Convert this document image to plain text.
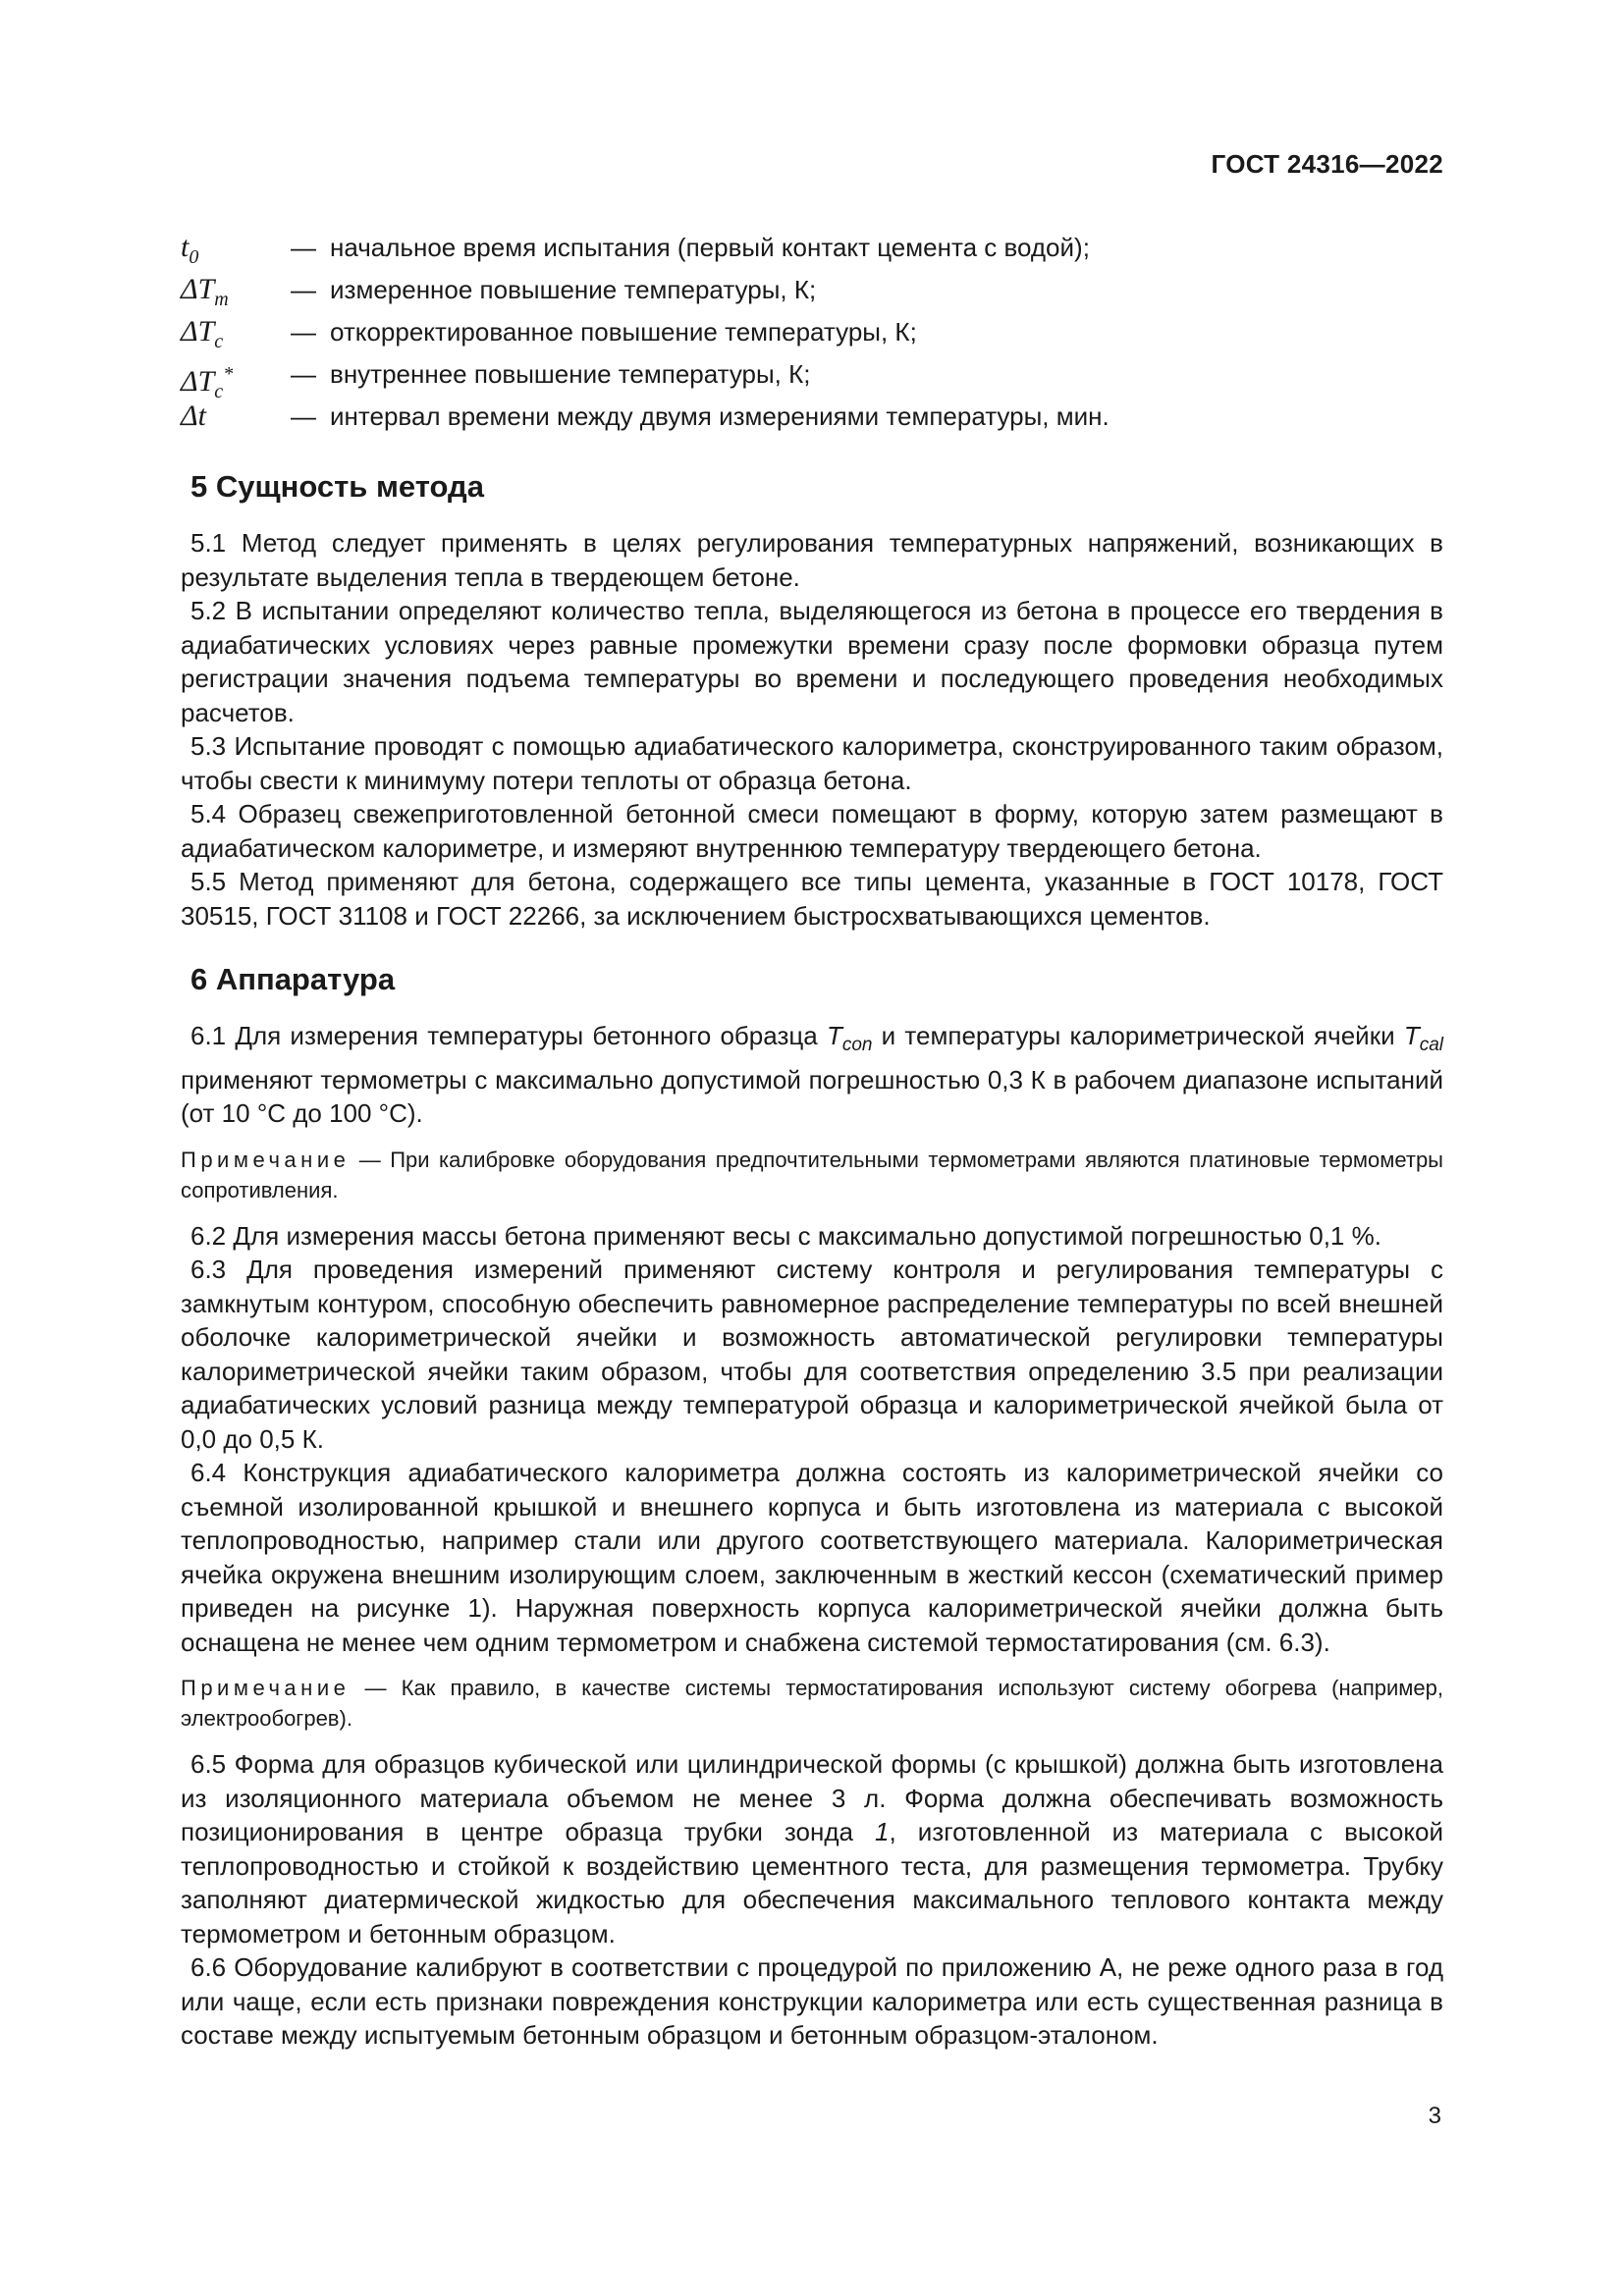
ГОСТ 24316—2022
$t_0$	— начальное время испытания (первый контакт цемента с водой);
$\Delta T_m$	— измеренное повышение температуры, К;
$\Delta T_c$	— откорректированное повышение температуры, К;
$\Delta T_c^*$	— внутреннее повышение температуры, К;
Δt	— интервал времени между двумя измерениями температуры, мин.
5 Сущность метода

5.1 Метод следует применять в целях регулирования температурных напряжений, возникающих в результате выделения тепла в твердеющем бетоне.

5.2 В испытании определяют количество тепла, выделяющегося из бетона в процессе его твердения в адиабатических условиях через равные промежутки времени сразу после формовки образца путем регистрации значения подъема температуры во времени и последующего проведения необходимых расчетов.

5.3 Испытание проводят с помощью адиабатического калориметра, сконструированного таким образом, чтобы свести к минимуму потери теплоты от образца бетона.

5.4 Образец свежеприготовленной бетонной смеси помещают в форму, которую затем размещают в адиабатическом калориметре, и измеряют внутреннюю температуру твердеющего бетона.

5.5 Метод применяют для бетона, содержащего все типы цемента, указанные в ГОСТ 10178, ГОСТ 30515, ГОСТ 31108 и ГОСТ 22266, за исключением быстросхватывающихся цементов.

6 Аппаратура

6.1 Для измерения температуры бетонного образца $T_{con}$ и температуры калориметрической ячейки $T_{cal}$ применяют термометры с максимально допустимой погрешностью 0,3 К в рабочем диапазоне испытаний (от 10 °С до 100 °С).

Примечание — При калибровке оборудования предпочтительными термометрами являются платиновые термометры сопротивления.

6.2 Для измерения массы бетона применяют весы с максимально допустимой погрешностью 0,1 %.

6.3 Для проведения измерений применяют систему контроля и регулирования температуры с замкнутым контуром, способную обеспечить равномерное распределение температуры по всей внешней оболочке калориметрической ячейки и возможность автоматической регулировки температуры калориметрической ячейки таким образом, чтобы для соответствия определению 3.5 при реализации адиабатических условий разница между температурой образца и калориметрической ячейкой была от 0,0 до 0,5 К.

6.4 Конструкция адиабатического калориметра должна состоять из калориметрической ячейки со съемной изолированной крышкой и внешнего корпуса и быть изготовлена из материала с высокой теплопроводностью, например стали или другого соответствующего материала. Калориметрическая ячейка окружена внешним изолирующим слоем, заключенным в жесткий кессон (схематический пример приведен на рисунке 1). Наружная поверхность корпуса калориметрической ячейки должна быть оснащена не менее чем одним термометром и снабжена системой термостатирования (см. 6.3).

Примечание — Как правило, в качестве системы термостатирования используют систему обогрева (например, электрообогрев).

6.5 Форма для образцов кубической или цилиндрической формы (с крышкой) должна быть изготовлена из изоляционного материала объемом не менее 3 л. Форма должна обеспечивать возможность позиционирования в центре образца трубки зонда 1, изготовленной из материала с высокой теплопроводностью и стойкой к воздействию цементного теста, для размещения термометра. Трубку заполняют диатермической жидкостью для обеспечения максимального теплового контакта между термометром и бетонным образцом.

6.6 Оборудование калибруют в соответствии с процедурой по приложению А, не реже одного раза в год или чаще, если есть признаки повреждения конструкции калориметра или есть существенная разница в составе между испытуемым бетонным образцом и бетонным образцом-эталоном.

3
